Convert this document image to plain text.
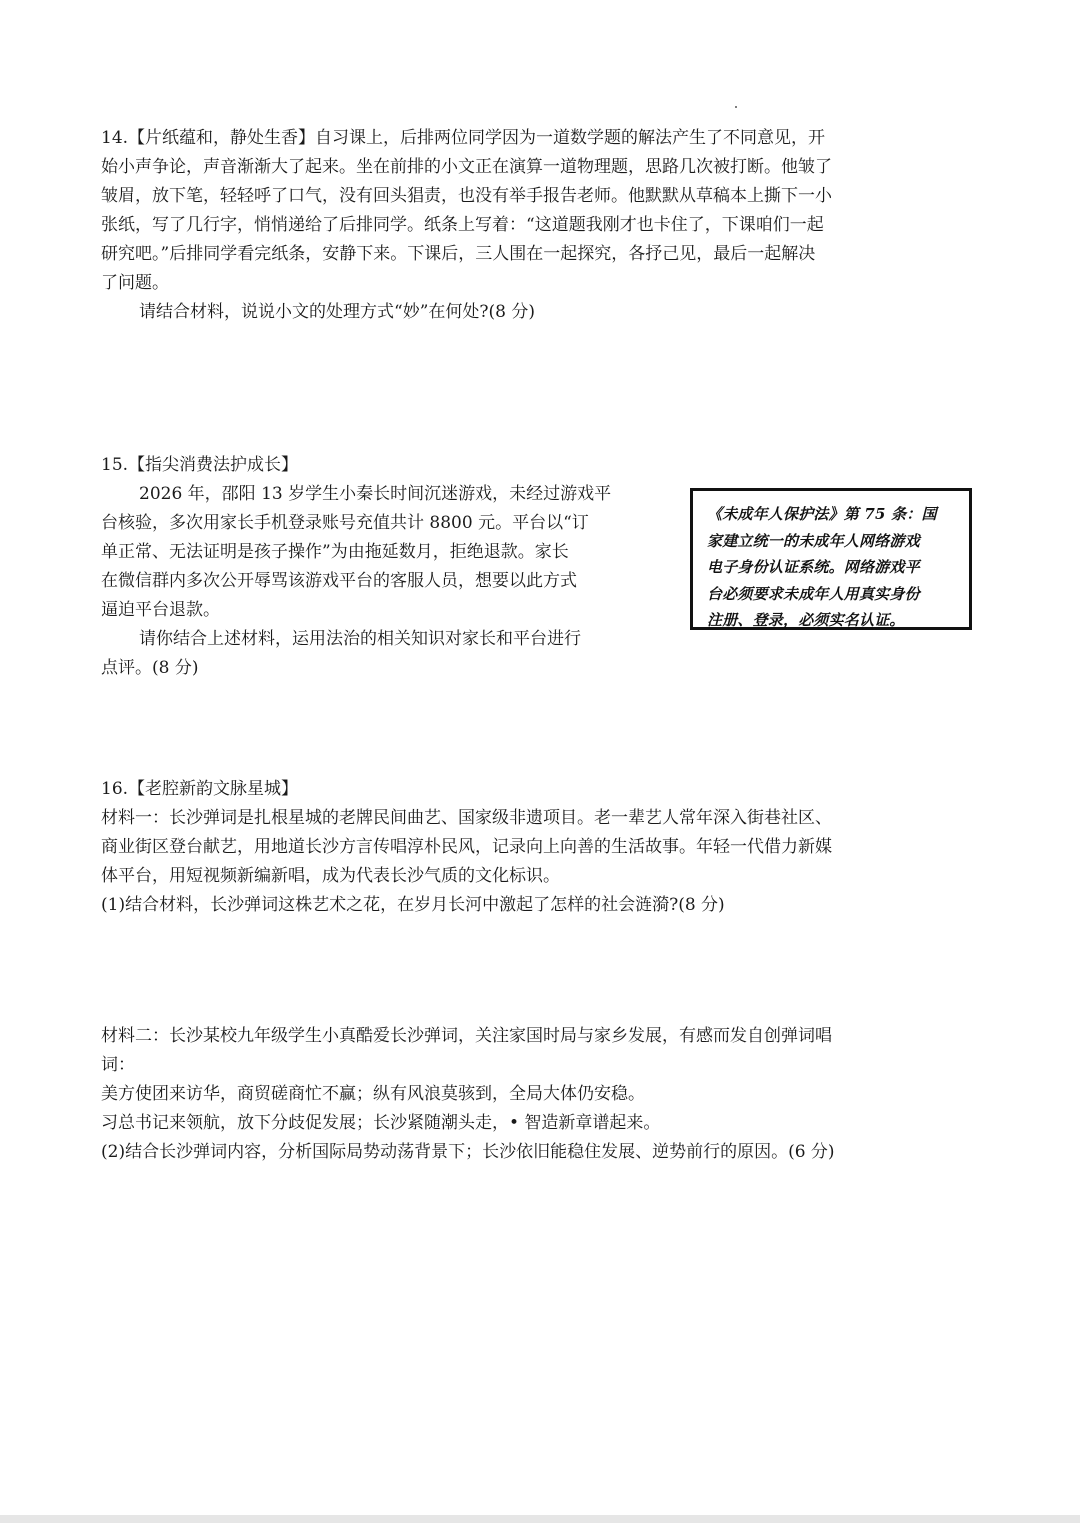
14.【片纸蕴和，静处生香】自习课上，后排两位同学因为一道数学题的解法产生了不同意见，开
始小声争论，声音渐渐大了起来。坐在前排的小文正在演算一道物理题，思路几次被打断。他皱了
皱眉，放下笔，轻轻呼了口气，没有回头猖责，也没有举手报告老师。他默默从草稿本上撕下一小
张纸，写了几行字，悄悄递给了后排同学。纸条上写着：“这道题我刚才也卡住了，下课咱们一起
研究吧。”后排同学看完纸条，安静下来。下课后，三人围在一起探究，各抒己见，最后一起解决
了问题。
请结合材料，说说小文的处理方式“妙”在何处?(8 分)
15.【指尖消费法护成长】
2026 年，邵阳 13 岁学生小秦长时间沉迷游戏，未经过游戏平
台核验，多次用家长手机登录账号充值共计 8800 元。平台以“订
单正常、无法证明是孩子操作”为由拖延数月，拒绝退款。家长
在微信群内多次公开辱骂该游戏平台的客服人员，想要以此方式
逼迫平台退款。
请你结合上述材料，运用法治的相关知识对家长和平台进行
点评。(8 分)
《未成年人保护法》第 75 条：国
家建立统一的未成年人网络游戏
电子身份认证系统。网络游戏平
台必须要求未成年人用真实身份
注册、登录，必须实名认证。
16.【老腔新韵文脉星城】
材料一：长沙弹词是扎根星城的老牌民间曲艺、国家级非遗项目。老一辈艺人常年深入街巷社区、
商业街区登台献艺，用地道长沙方言传唱淳朴民风，记录向上向善的生活故事。年轻一代借力新媒
体平台，用短视频新编新唱，成为代表长沙气质的文化标识。
(1)结合材料，长沙弹词这株艺术之花，在岁月长河中激起了怎样的社会涟漪?(8 分)
材料二：长沙某校九年级学生小真酷爱长沙弹词，关注家国时局与家乡发展，有感而发自创弹词唱
词：
美方使团来访华，商贸磋商忙不赢；纵有风浪莫骇到，全局大体仍安稳。
习总书记来领航，放下分歧促发展；长沙紧随潮头走，• 智造新章谱起来。
(2)结合长沙弹词内容，分析国际局势动荡背景下；长沙依旧能稳住发展、逆势前行的原因。(6 分)
